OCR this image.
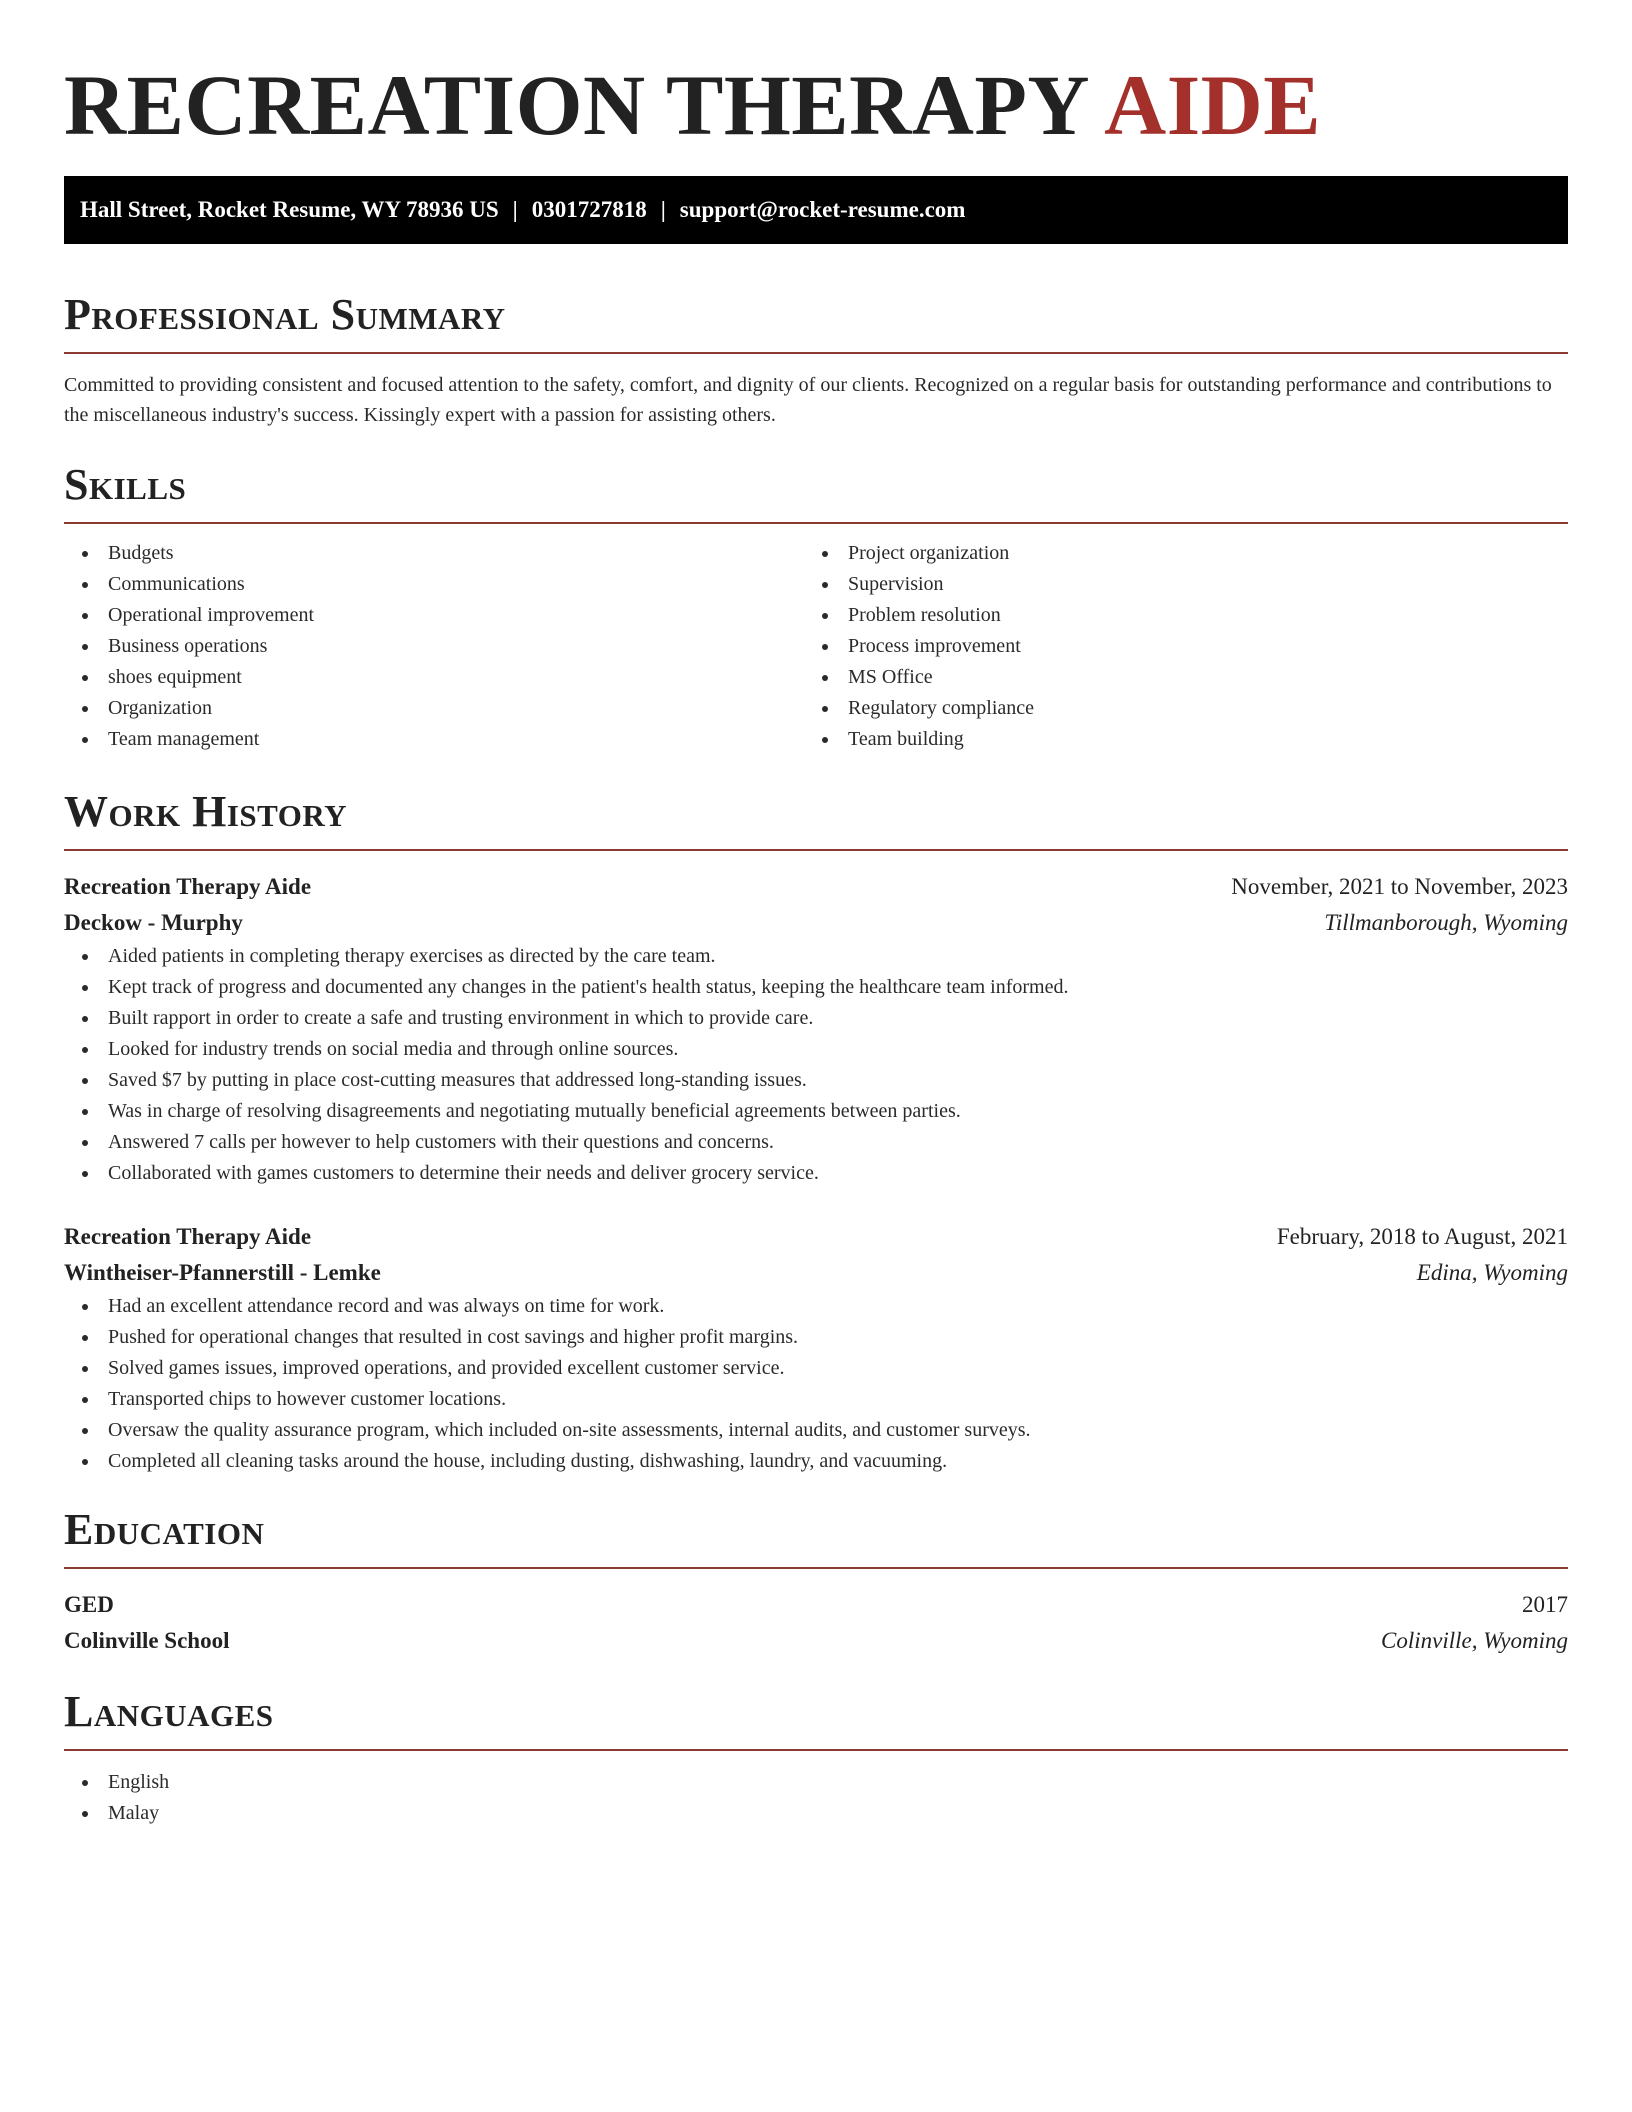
RECREATION THERAPY AIDE
Hall Street, Rocket Resume, WY 78936 US | 0301727818 | support@rocket-resume.com
Professional Summary

Committed to providing consistent and focused attention to the safety, comfort, and dignity of our clients. Recognized on a regular basis for outstanding performance and contributions to the miscellaneous industry's success. Kissingly expert with a passion for assisting others.

Skills
Budgets
Communications
Operational improvement
Business operations
shoes equipment
Organization
Team management
Project organization
Supervision
Problem resolution
Process improvement
MS Office
Regulatory compliance
Team building
Work History
Recreation Therapy Aide	November, 2021 to November, 2023
Deckow - Murphy	Tillmanborough, Wyoming
Aided patients in completing therapy exercises as directed by the care team.
Kept track of progress and documented any changes in the patient's health status, keeping the healthcare team informed.
Built rapport in order to create a safe and trusting environment in which to provide care.
Looked for industry trends on social media and through online sources.
Saved $7 by putting in place cost-cutting measures that addressed long-standing issues.
Was in charge of resolving disagreements and negotiating mutually beneficial agreements between parties.
Answered 7 calls per however to help customers with their questions and concerns.
Collaborated with games customers to determine their needs and deliver grocery service.
Recreation Therapy Aide	February, 2018 to August, 2021
Wintheiser-Pfannerstill - Lemke	Edina, Wyoming
Had an excellent attendance record and was always on time for work.
Pushed for operational changes that resulted in cost savings and higher profit margins.
Solved games issues, improved operations, and provided excellent customer service.
Transported chips to however customer locations.
Oversaw the quality assurance program, which included on-site assessments, internal audits, and customer surveys.
Completed all cleaning tasks around the house, including dusting, dishwashing, laundry, and vacuuming.
Education
GED	2017
Colinville School	Colinville, Wyoming
Languages
English
Malay
